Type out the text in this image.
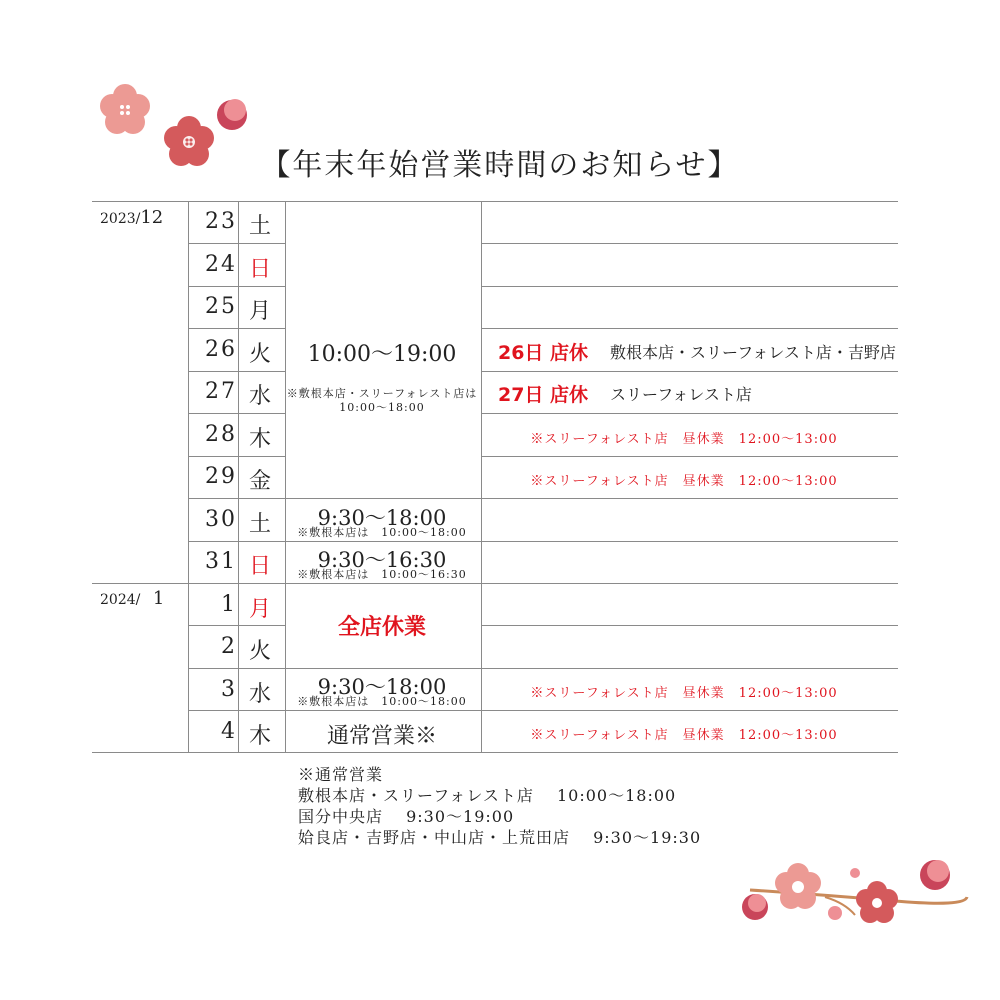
【年末年始営業時間のお知らせ】
2023/12
2024/ 1
23 土
24 日
25 月
26 火
27 水
28 木
29 金
30 土
31 日
1 月
2 火
3 水
4 木
10:00～19:00
※敷根本店・スリーフォレスト店は
10:00～18:00
9:30～18:00
※敷根本店は　10:00～18:00
9:30～16:30
※敷根本店は　10:00～16:30
全店休業
9:30～18:00
※敷根本店は　10:00～18:00
通常営業※
26日 店休 敷根本店・スリーフォレスト店・吉野店
27日 店休 スリーフォレスト店
※スリーフォレスト店　昼休業　12:00～13:00
※スリーフォレスト店　昼休業　12:00～13:00
※スリーフォレスト店　昼休業　12:00～13:00
※スリーフォレスト店　昼休業　12:00～13:00
※通常営業
敷根本店・スリーフォレスト店　 10:00～18:00
国分中央店　 9:30～19:00
姶良店・吉野店・中山店・上荒田店　 9:30～19:30
